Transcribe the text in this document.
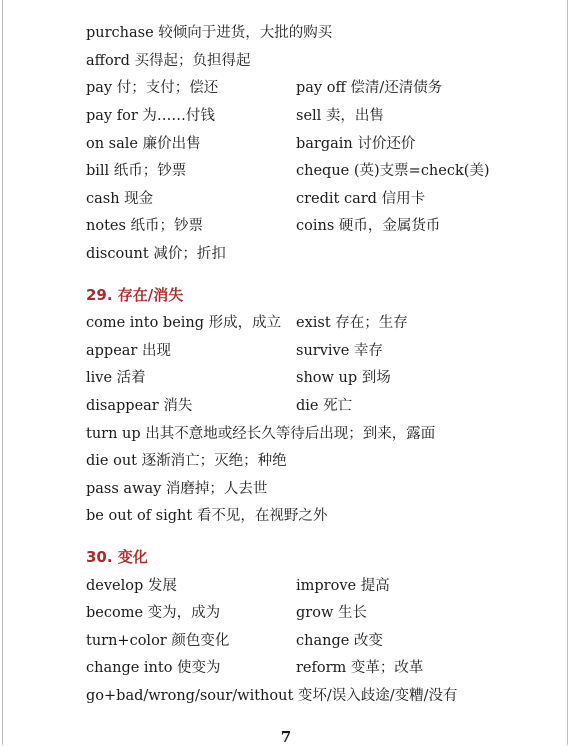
purchase 较倾向于进货，大批的购买
afford 买得起；负担得起
pay 付；支付；偿还	pay off 偿清/还清债务
pay for 为……付钱	sell 卖，出售
on sale 廉价出售	bargain 讨价还价
bill 纸币；钞票	cheque (英)支票=check(美)
cash 现金	credit card 信用卡
notes 纸币；钞票	coins 硬币，金属货币
discount 减价；折扣
29. 存在/消失
come into being 形成，成立	exist 存在；生存
appear 出现	survive 幸存
live 活着	show up 到场
disappear 消失	die 死亡
turn up 出其不意地或经长久等待后出现；到来，露面
die out 逐渐消亡；灭绝；种绝
pass away 消磨掉；人去世
be out of sight 看不见，在视野之外
30. 变化
develop 发展	improve 提高
become 变为，成为	grow 生长
turn+color 颜色变化	change 改变
change into 使变为	reform 变革；改革
go+bad/wrong/sour/without 变坏/误入歧途/变糟/没有
7
